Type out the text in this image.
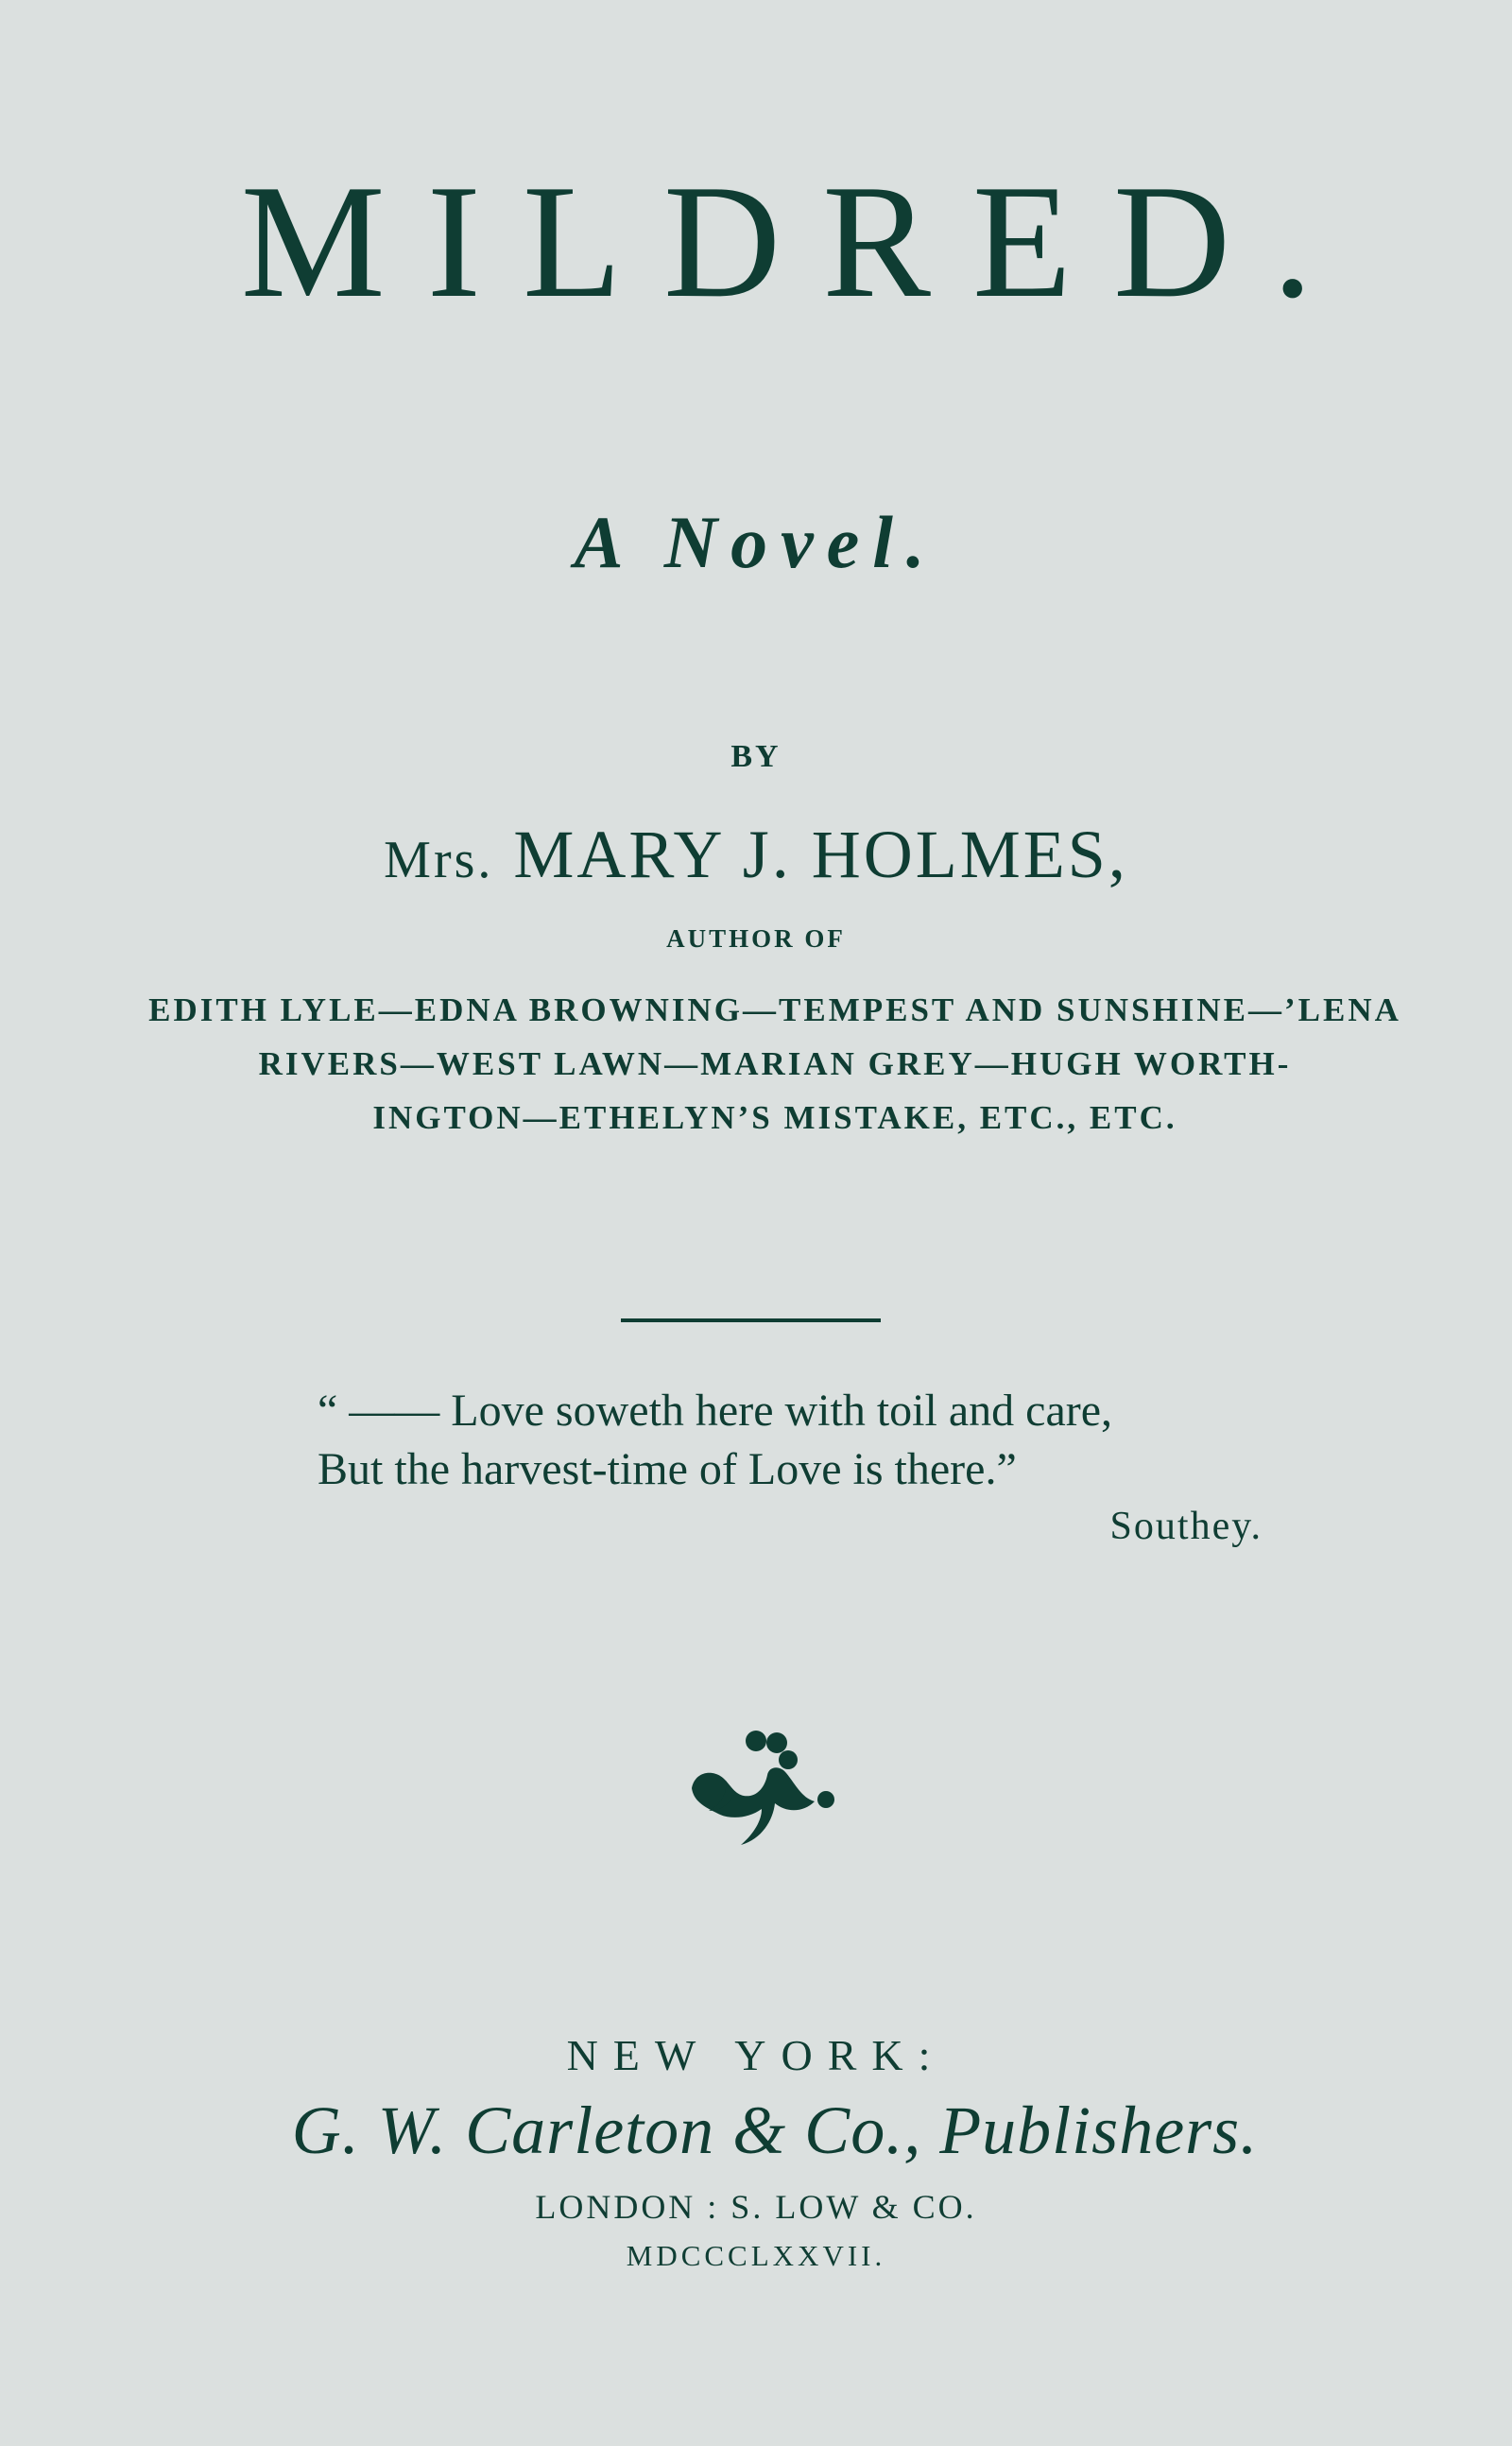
MILDRED.
A Novel.
BY
Mrs. MARY J. HOLMES,
AUTHOR OF
EDITH LYLE—EDNA BROWNING—TEMPEST AND SUNSHINE—’LENA
RIVERS—WEST LAWN—MARIAN GREY—HUGH WORTH-
INGTON—ETHELYN’S MISTAKE, ETC., ETC.
“ —— Love soweth here with toil and care,
But the harvest-time of Love is there.”
Southey.
NEW YORK:
G. W. Carleton & Co., Publishers.
LONDON : S. LOW & CO.
MDCCCLXXVII.
